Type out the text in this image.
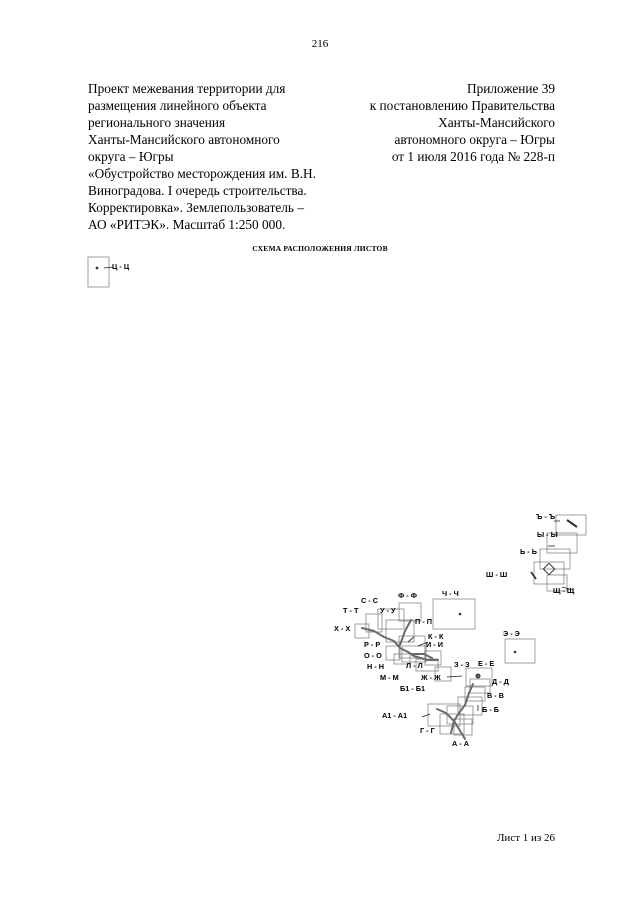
216
Проект межевания территории для
размещения линейного объекта
регионального значения
Ханты-Мансийского автономного
округа – Югры
«Обустройство месторождения им. В.Н.
Виноградова. I очередь строительства.
Корректировка». Землепользователь –
АО «РИТЭК». Масштаб 1:250 000.
Приложение 39
к постановлению Правительства
Ханты-Мансийского
автономного округа – Югры
от 1 июля 2016 года № 228-п
СХЕМА РАСПОЛОЖЕНИЯ ЛИСТОВ
Ц - Ц
Ъ - Ъ
Ы - Ы
Ь - Ь
Ш - Ш
Щ - Щ
С - С
Ф - Ф	Ч - Ч
Т - Т	У - У
Х - Х
П - П
Э - Э
К - К
Р - Р	И - И
О - О
Н - Н	Л - Л	З - З Е - Е
М - М	Ж - Ж	Д - Д
Б1 - Б1
В - В
Б - Б
А1 - А1
Г - Г
А - А
Лист 1 из 26
